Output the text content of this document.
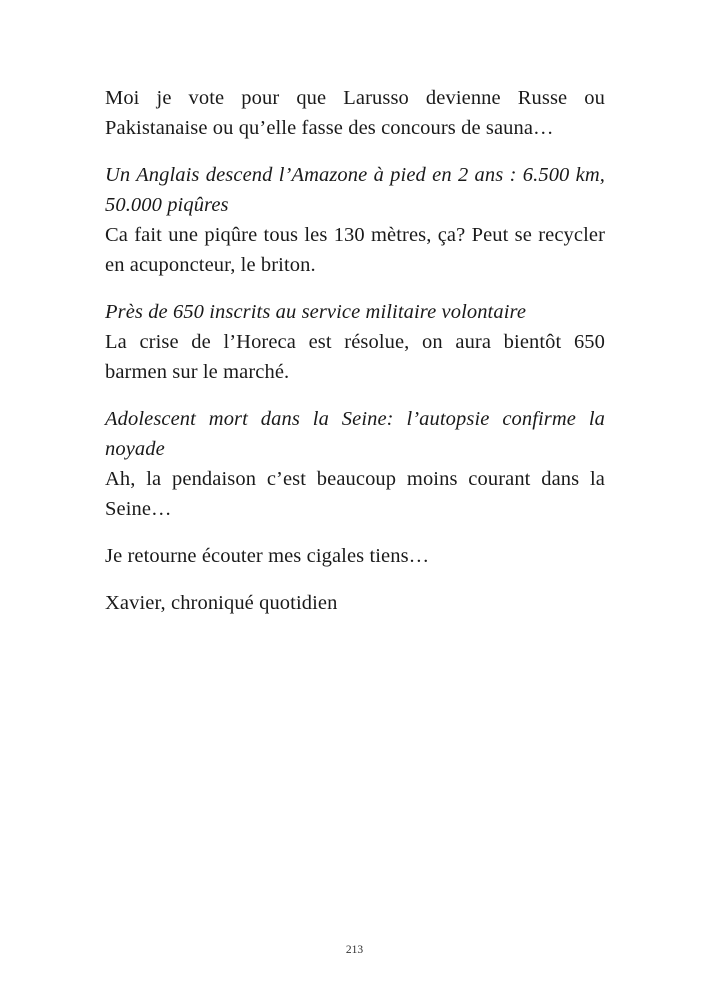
Moi je vote pour que Larusso devienne Russe ou Pakistanaise ou qu’elle fasse des concours de sauna…

Un Anglais descend l’Amazone à pied en 2 ans : 6.500 km, 50.000 piqûres

Ca fait une piqûre tous les 130 mètres, ça? Peut se recycler en acuponcteur, le briton.

Près de 650 inscrits au service militaire volontaire

La crise de l’Horeca est résolue, on aura bientôt 650 barmen sur le marché.

Adolescent mort dans la Seine: l’autopsie confirme la noyade

Ah, la pendaison c’est beaucoup moins courant dans la Seine…

Je retourne écouter mes cigales tiens…

Xavier, chroniqué quotidien

213
